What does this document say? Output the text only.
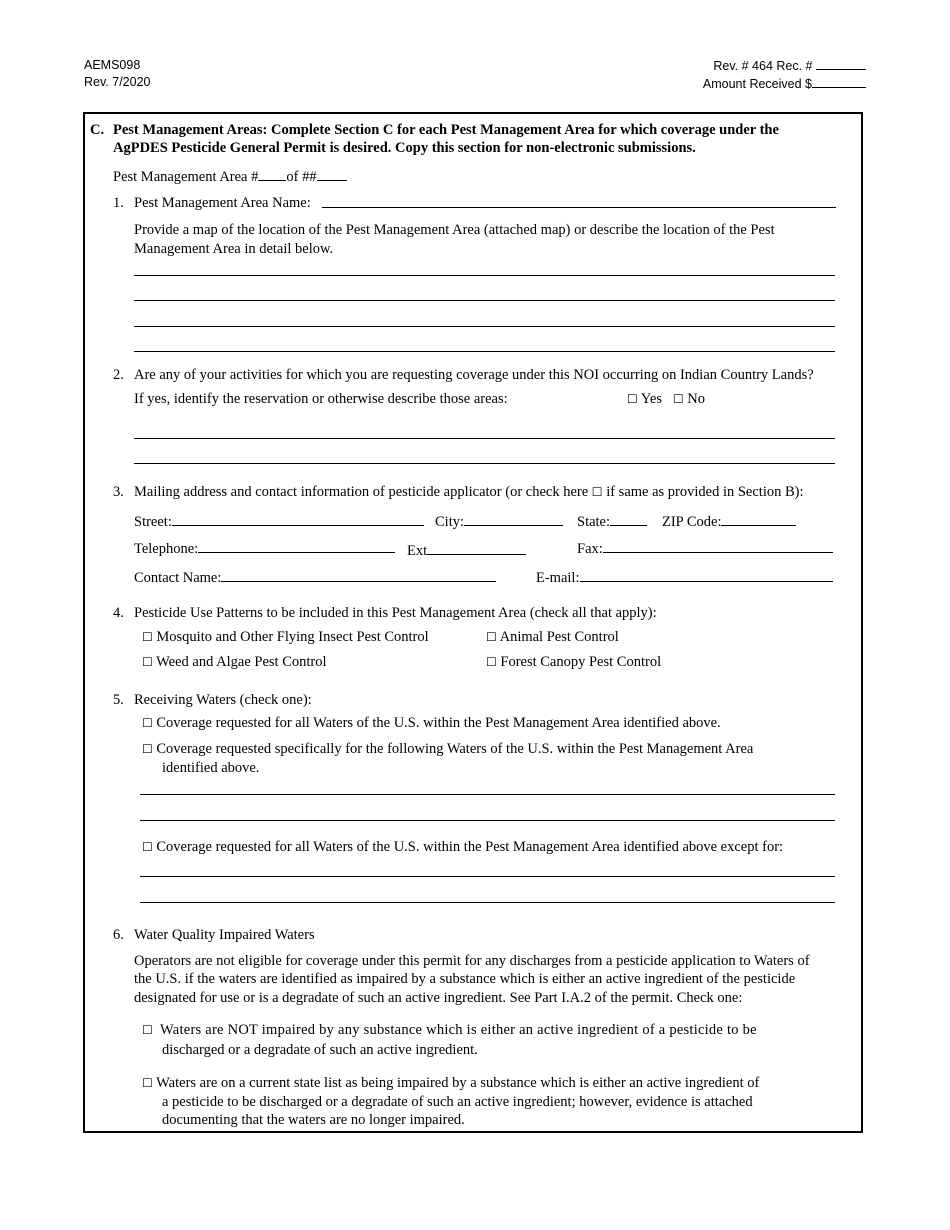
AEMS098
Rev. 7/2020
Rev. # 464 Rec. #
Amount Received $
C. Pest Management Areas: Complete Section C for each Pest Management Area for which coverage under the
AgPDES Pesticide General Permit is desired. Copy this section for non-electronic submissions.
Pest Management Area # of ##
1. Pest Management Area Name:
Provide a map of the location of the Pest Management Area (attached map) or describe the location of the Pest
Management Area in detail below.
2. Are any of your activities for which you are requesting coverage under this NOI occurring on Indian Country Lands?
If yes, identify the reservation or otherwise describe those areas:	☐ Yes ☐ No
3. Mailing address and contact information of pesticide applicator (or check here ☐ if same as provided in Section B):
Street:	City:	State:	ZIP Code:
Telephone:	Ext	Fax:
Contact Name:	E-mail:
4. Pesticide Use Patterns to be included in this Pest Management Area (check all that apply):
☐ Mosquito and Other Flying Insect Pest Control	☐ Animal Pest Control
☐ Weed and Algae Pest Control	☐ Forest Canopy Pest Control
5. Receiving Waters (check one):
☐ Coverage requested for all Waters of the U.S. within the Pest Management Area identified above.
☐ Coverage requested specifically for the following Waters of the U.S. within the Pest Management Area
identified above.
☐ Coverage requested for all Waters of the U.S. within the Pest Management Area identified above except for:
6. Water Quality Impaired Waters
Operators are not eligible for coverage under this permit for any discharges from a pesticide application to Waters of
the U.S. if the waters are identified as impaired by a substance which is either an active ingredient of the pesticide
designated for use or is a degradate of such an active ingredient. See Part I.A.2 of the permit. Check one:
☐ Waters are NOT impaired by any substance which is either an active ingredient of a pesticide to be
discharged or a degradate of such an active ingredient.
☐ Waters are on a current state list as being impaired by a substance which is either an active ingredient of
a pesticide to be discharged or a degradate of such an active ingredient; however, evidence is attached
documenting that the waters are no longer impaired.
